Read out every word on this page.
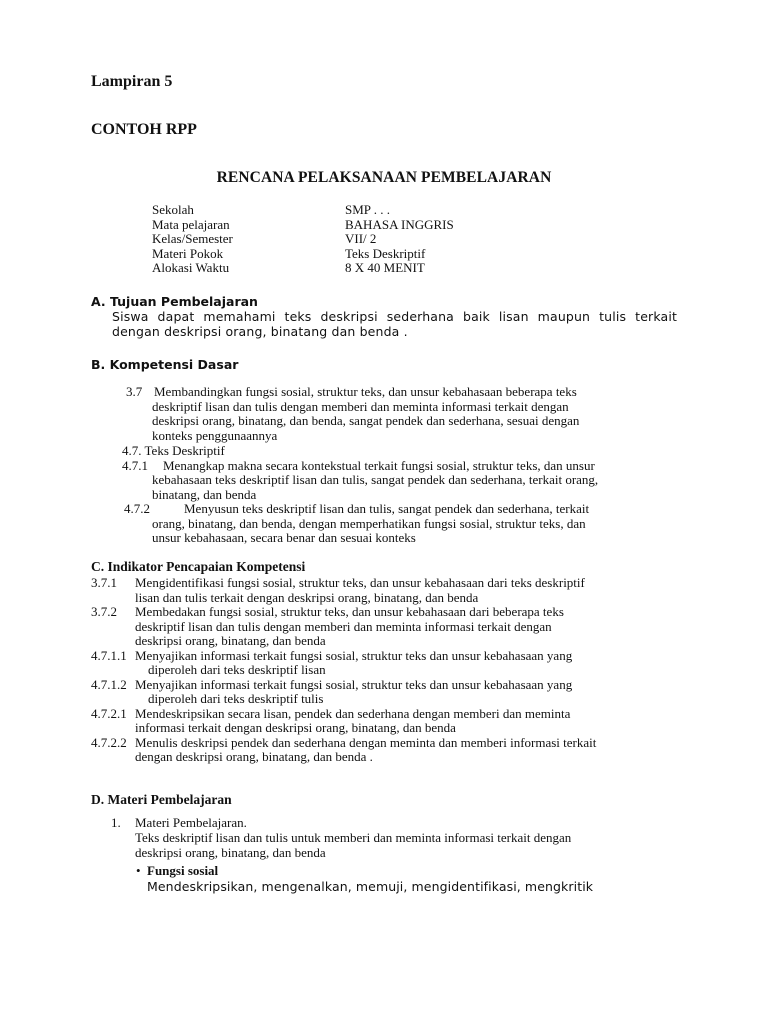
Lampiran 5
CONTOH RPP
RENCANA PELAKSANAAN PEMBELAJARAN
Sekolah	SMP . . .
Mata pelajaran	BAHASA INGGRIS
Kelas/Semester	VII/ 2
Materi Pokok	Teks Deskriptif
Alokasi Waktu	8 X 40 MENIT
A. Tujuan Pembelajaran
Siswa dapat memahami teks deskripsi sederhana baik lisan maupun tulis terkait dengan deskripsi orang, binatang dan benda .
B. Kompetensi Dasar
3.7 Membandingkan fungsi sosial, struktur teks, dan unsur kebahasaan beberapa teks
deskriptif lisan dan tulis dengan memberi dan meminta informasi terkait dengan
deskripsi orang, binatang, dan benda, sangat pendek dan sederhana, sesuai dengan
konteks penggunaannya
4.7. Teks Deskriptif
4.7.1 Menangkap makna secara kontekstual terkait fungsi sosial, struktur teks, dan unsur
kebahasaan teks deskriptif lisan dan tulis, sangat pendek dan sederhana, terkait orang,
binatang, dan benda
4.7.2	Menyusun teks deskriptif lisan dan tulis, sangat pendek dan sederhana, terkait
orang, binatang, dan benda, dengan memperhatikan fungsi sosial, struktur teks, dan
unsur kebahasaan, secara benar dan sesuai konteks
C. Indikator Pencapaian Kompetensi
3.7.1 Mengidentifikasi fungsi sosial, struktur teks, dan unsur kebahasaan dari teks deskriptif
lisan dan tulis terkait dengan deskripsi orang, binatang, dan benda
3.7.2 Membedakan fungsi sosial, struktur teks, dan unsur kebahasaan dari beberapa teks
deskriptif lisan dan tulis dengan memberi dan meminta informasi terkait dengan
deskripsi orang, binatang, dan benda
4.7.1.1 Menyajikan informasi terkait fungsi sosial, struktur teks dan unsur kebahasaan yang
diperoleh dari teks deskriptif lisan
4.7.1.2 Menyajikan informasi terkait fungsi sosial, struktur teks dan unsur kebahasaan yang
diperoleh dari teks deskriptif tulis
4.7.2.1 Mendeskripsikan secara lisan, pendek dan sederhana dengan memberi dan meminta
informasi terkait dengan deskripsi orang, binatang, dan benda
4.7.2.2 Menulis deskripsi pendek dan sederhana dengan meminta dan memberi informasi terkait
dengan deskripsi orang, binatang, dan benda .
D. Materi Pembelajaran
1. Materi Pembelajaran.
Teks deskriptif lisan dan tulis untuk memberi dan meminta informasi terkait dengan
deskripsi orang, binatang, dan benda
• Fungsi sosial
Mendeskripsikan, mengenalkan, memuji, mengidentifikasi, mengkritik
